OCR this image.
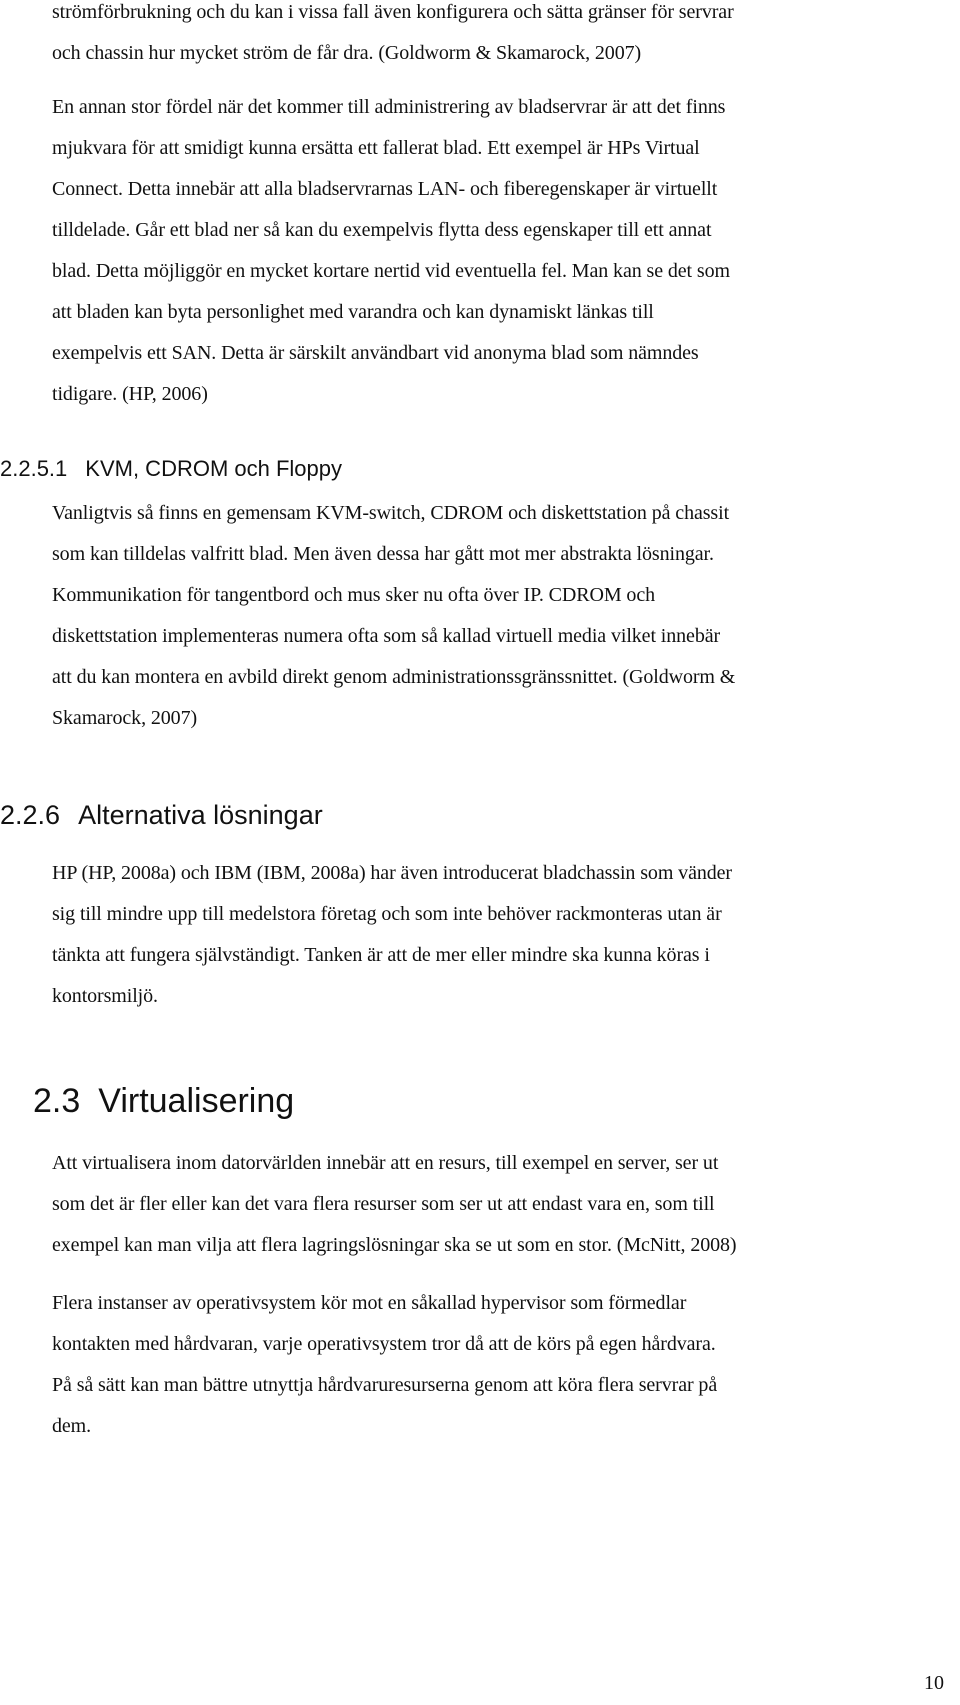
strömförbrukning och du kan i vissa fall även konfigurera och sätta gränser för servrar
och chassin hur mycket ström de får dra. (Goldworm & Skamarock, 2007)

En annan stor fördel när det kommer till administrering av bladservrar är att det finns
mjukvara för att smidigt kunna ersätta ett fallerat blad. Ett exempel är HPs Virtual
Connect. Detta innebär att alla bladservrarnas LAN- och fiberegenskaper är virtuellt
tilldelade. Går ett blad ner så kan du exempelvis flytta dess egenskaper till ett annat
blad. Detta möjliggör en mycket kortare nertid vid eventuella fel. Man kan se det som
att bladen kan byta personlighet med varandra och kan dynamiskt länkas till
exempelvis ett SAN. Detta är särskilt användbart vid anonyma blad som nämndes
tidigare. (HP, 2006)

2.2.5.1 KVM, CDROM och Floppy

Vanligtvis så finns en gemensam KVM-switch, CDROM och diskettstation på chassit
som kan tilldelas valfritt blad. Men även dessa har gått mot mer abstrakta lösningar.
Kommunikation för tangentbord och mus sker nu ofta över IP. CDROM och
diskettstation implementeras numera ofta som så kallad virtuell media vilket innebär
att du kan montera en avbild direkt genom administrationssgränssnittet. (Goldworm &
Skamarock, 2007)

2.2.6 Alternativa lösningar

HP (HP, 2008a) och IBM (IBM, 2008a) har även introducerat bladchassin som vänder
sig till mindre upp till medelstora företag och som inte behöver rackmonteras utan är
tänkta att fungera självständigt. Tanken är att de mer eller mindre ska kunna köras i
kontorsmiljö.

2.3 Virtualisering

Att virtualisera inom datorvärlden innebär att en resurs, till exempel en server, ser ut
som det är fler eller kan det vara flera resurser som ser ut att endast vara en, som till
exempel kan man vilja att flera lagringslösningar ska se ut som en stor. (McNitt, 2008)

Flera instanser av operativsystem kör mot en såkallad hypervisor som förmedlar
kontakten med hårdvaran, varje operativsystem tror då att de körs på egen hårdvara.
På så sätt kan man bättre utnyttja hårdvaruresurserna genom att köra flera servrar på
dem.

10
